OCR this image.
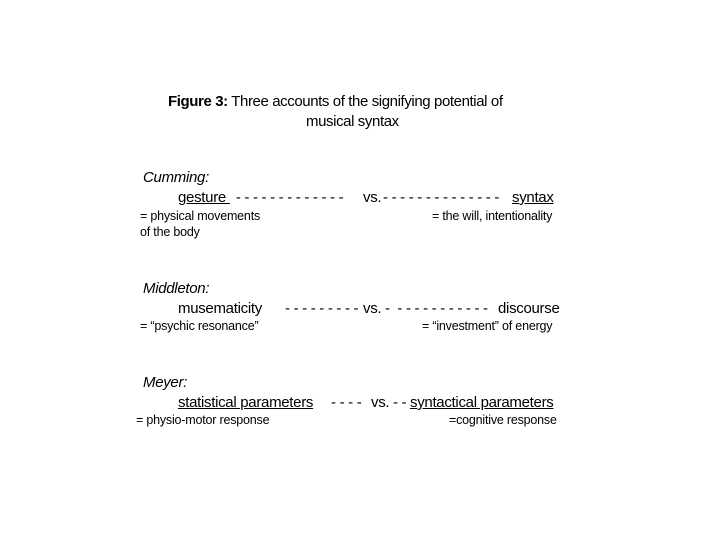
Figure 3: Three accounts of the signifying potential of
musical syntax
Cumming:
gesture - - - - - - - - - - - - - vs. - - - - - - - - - - - - - - syntax
= physical movements
of the body
= the will, intentionality
Middleton:
musematicity - - - - - - - - - vs. -  - - - - - - - - - - - discourse
= “psychic resonance”	= “investment” of energy
Meyer:
statistical parameters - - - - vs. - - syntactical parameters
= physio-motor response	=cognitive response
